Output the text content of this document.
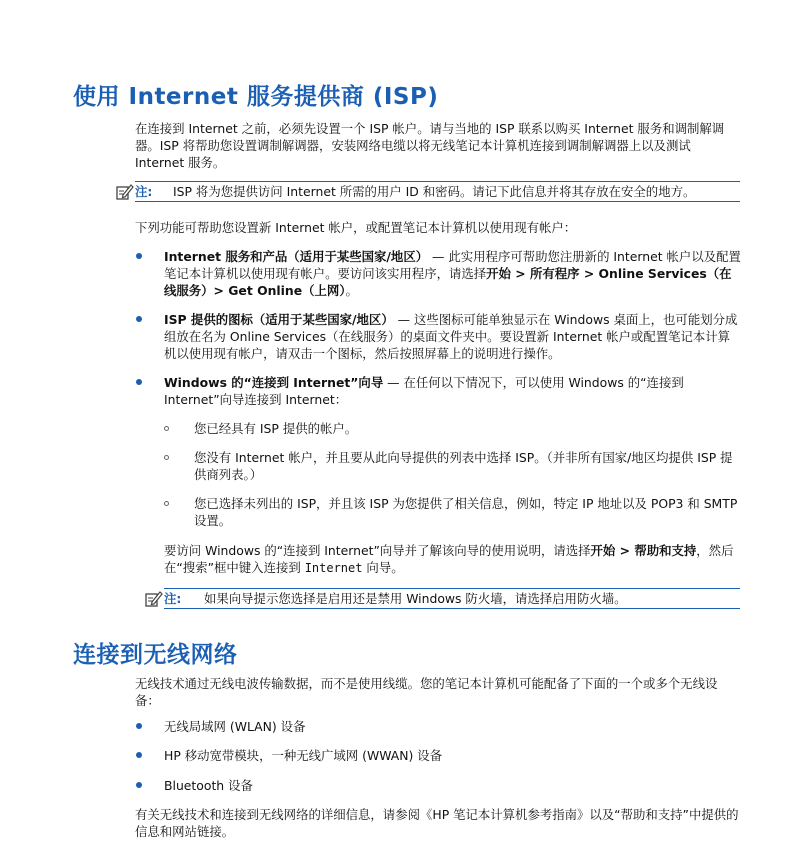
使用 Internet 服务提供商 (ISP)

在连接到 Internet 之前，必须先设置一个 ISP 帐户。请与当地的 ISP 联系以购买 Internet 服务和调制解调器。ISP 将帮助您设置调制解调器，安装网络电缆以将无线笔记本计算机连接到调制解调器上以及测试 Internet 服务。

注: ISP 将为您提供访问 Internet 所需的用户 ID 和密码。请记下此信息并将其存放在安全的地方。

下列功能可帮助您设置新 Internet 帐户，或配置笔记本计算机以使用现有帐户：

Internet 服务和产品（适用于某些国家/地区） — 此实用程序可帮助您注册新的 Internet 帐户以及配置笔记本计算机以使用现有帐户。要访问该实用程序，请选择开始 > 所有程序 > Online Services（在线服务）> Get Online（上网）。

ISP 提供的图标（适用于某些国家/地区） — 这些图标可能单独显示在 Windows 桌面上，也可能划分成组放在名为 Online Services（在线服务）的桌面文件夹中。要设置新 Internet 帐户或配置笔记本计算机以使用现有帐户，请双击一个图标，然后按照屏幕上的说明进行操作。

Windows 的“连接到 Internet”向导 — 在任何以下情况下，可以使用 Windows 的“连接到 Internet”向导连接到 Internet：

您已经具有 ISP 提供的帐户。

您没有 Internet 帐户，并且要从此向导提供的列表中选择 ISP。（并非所有国家/地区均提供 ISP 提供商列表。）

您已选择未列出的 ISP，并且该 ISP 为您提供了相关信息，例如，特定 IP 地址以及 POP3 和 SMTP 设置。

要访问 Windows 的“连接到 Internet”向导并了解该向导的使用说明，请选择开始 > 帮助和支持，然后在“搜索”框中键入连接到 Internet 向导。

注: 如果向导提示您选择是启用还是禁用 Windows 防火墙，请选择启用防火墙。
连接到无线网络

无线技术通过无线电波传输数据，而不是使用线缆。您的笔记本计算机可能配备了下面的一个或多个无线设备：

无线局域网 (WLAN) 设备

HP 移动宽带模块，一种无线广域网 (WWAN) 设备

Bluetooth 设备

有关无线技术和连接到无线网络的详细信息，请参阅《HP 笔记本计算机参考指南》以及“帮助和支持”中提供的信息和网站链接。
